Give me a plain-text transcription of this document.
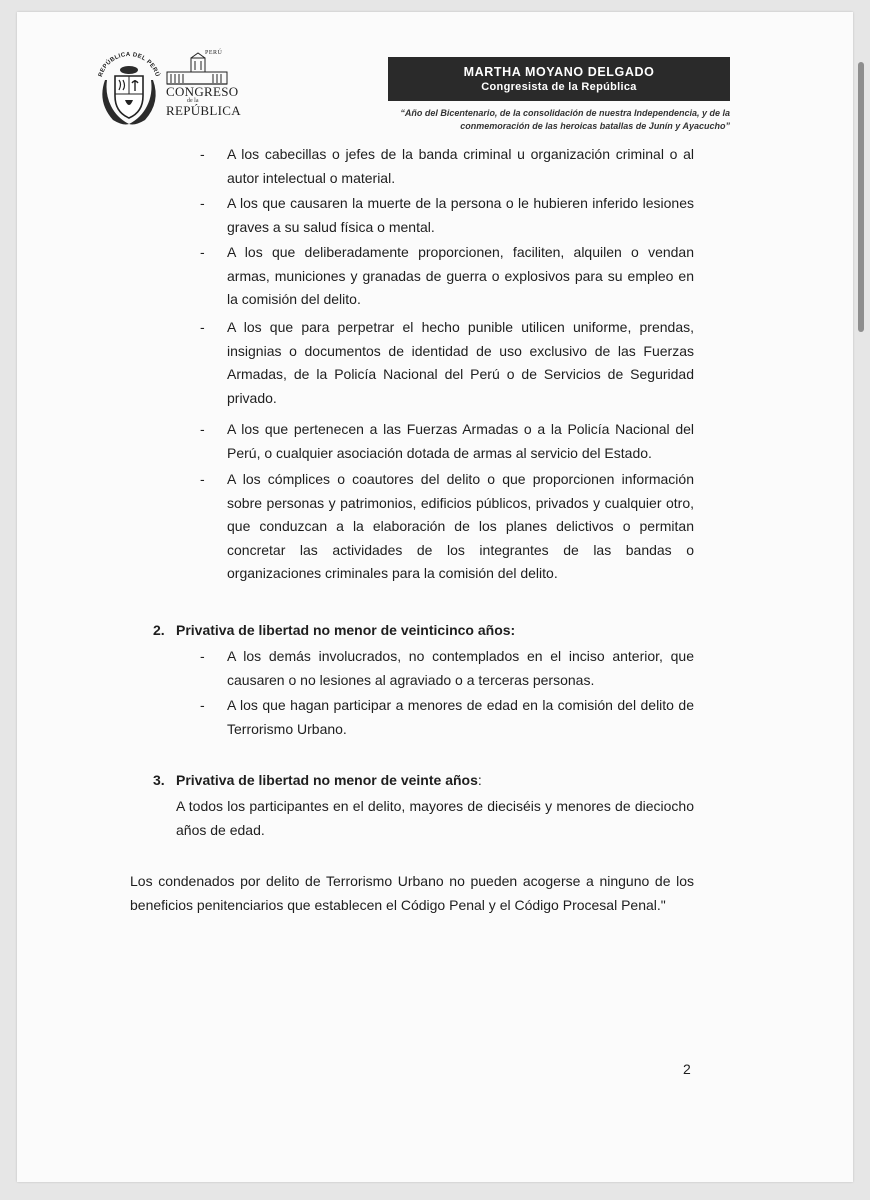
REPÚBLICA DEL PERÚ
PERÚ
CONGRESO
de la
REPÚBLICA
MARTHA MOYANO DELGADO
Congresista de la República
“Año del Bicentenario, de la consolidación de nuestra Independencia, y de la
conmemoración de las heroicas batallas de Junín y Ayacucho”
-	A los cabecillas o jefes de la banda criminal u organización criminal o al autor intelectual o material.
-	A los que causaren la muerte de la persona o le hubieren inferido lesiones graves a su salud física o mental.
-	A los que deliberadamente proporcionen, faciliten, alquilen o vendan armas, municiones y granadas de guerra o explosivos para su empleo en la comisión del delito.
-	A los que para perpetrar el hecho punible utilicen uniforme, prendas, insignias o documentos de identidad de uso exclusivo de las Fuerzas Armadas, de la Policía Nacional del Perú o de Servicios de Seguridad privado.
-	A los que pertenecen a las Fuerzas Armadas o a la Policía Nacional del Perú, o cualquier asociación dotada de armas al servicio del Estado.
-	A los cómplices o coautores del delito o que proporcionen información sobre personas y patrimonios, edificios públicos, privados y cualquier otro, que conduzcan a la elaboración de los planes delictivos o permitan concretar las actividades de los integrantes de las bandas o organizaciones criminales para la comisión del delito.
2. Privativa de libertad no menor de veinticinco años:
-	A los demás involucrados, no contemplados en el inciso anterior, que causaren o no lesiones al agraviado o a terceras personas.
-	A los que hagan participar a menores de edad en la comisión del delito de Terrorismo Urbano.
3. Privativa de libertad no menor de veinte años:
A todos los participantes en el delito, mayores de dieciséis y menores de dieciocho años de edad.
Los condenados por delito de Terrorismo Urbano no pueden acogerse a ninguno de los beneficios penitenciarios que establecen el Código Penal y el Código Procesal Penal."
2
